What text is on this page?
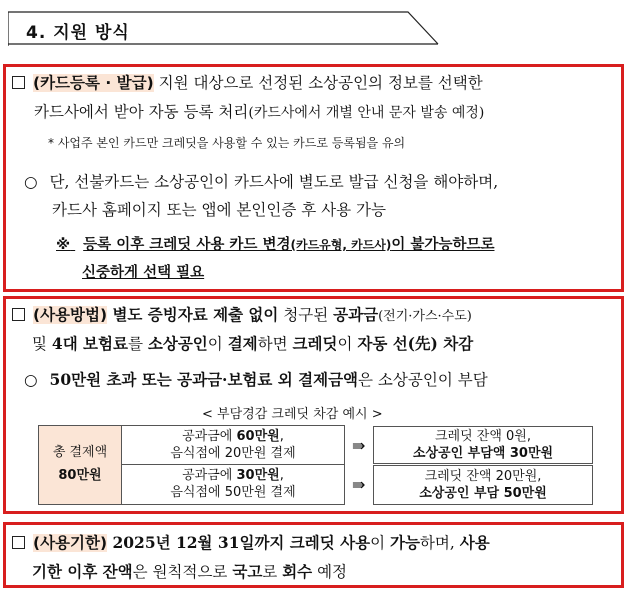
4. 지원 방식
(카드등록 · 발급) 지원 대상으로 선정된 소상공인의 정보를 선택한
카드사에서 받아 자동 등록 처리(카드사에서 개별 안내 문자 발송 예정)
* 사업주 본인 카드만 크레딧을 사용할 수 있는 카드로 등록됨을 유의
○ 단, 선불카드는 소상공인이 카드사에 별도로 발급 신청을 해야하며,
카드사 홈페이지 또는 앱에 본인인증 후 사용 가능
※ 등록 이후 크레딧 사용 카드 변경(카드유형, 카드사)이 불가능하므로
신중하게 선택 필요
(사용방법) 별도 증빙자료 제출 없이 청구된 공과금(전기·가스·수도)
및 4대 보험료를 소상공인이 결제하면 크레딧이 자동 선(先) 차감
○ 50만원 초과 또는 공과금·보험료 외 결제금액은 소상공인이 부담
< 부담경감 크레딧 차감 예시 >
총 결제액
80만원
공과금에 60만원,
음식점에 20만원 결제
공과금에 30만원,
음식점에 50만원 결제
⇛
⇛
크레딧 잔액 0원,
소상공인 부담액 30만원
크레딧 잔액 20만원,
소상공인 부담 50만원
(사용기한) 2025년 12월 31일까지 크레딧 사용이 가능하며, 사용
기한 이후 잔액은 원칙적으로 국고로 회수 예정
